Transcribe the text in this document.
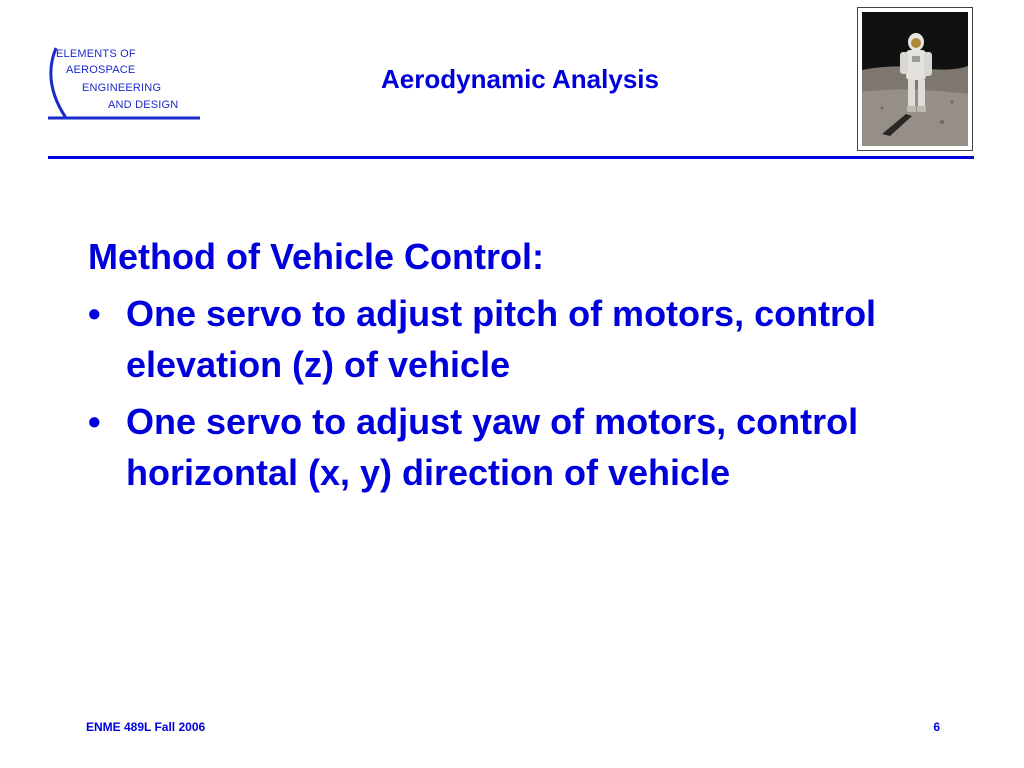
ELEMENTS OF
AEROSPACE
ENGINEERING
AND DESIGN
Aerodynamic Analysis
Method of Vehicle Control:
• One servo to adjust pitch of motors, control elevation (z) of vehicle
• One servo to adjust yaw of motors, control horizontal (x, y) direction of vehicle
ENME 489L Fall 2006	6
